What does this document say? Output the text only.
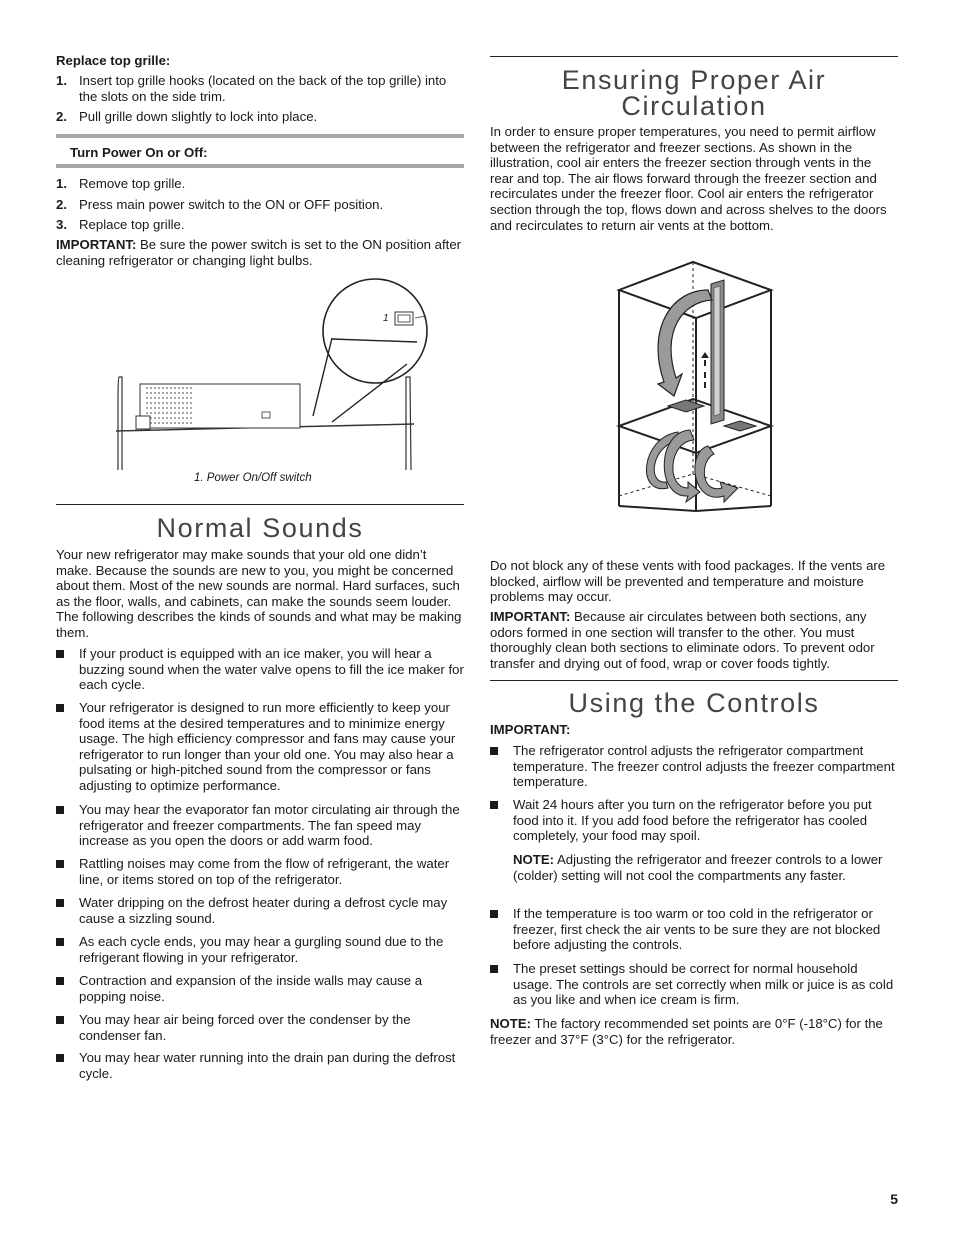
Replace top grille:
1. Insert top grille hooks (located on the back of the top grille) into the slots on the side trim.
2. Pull grille down slightly to lock into place.
Turn Power On or Off:
1. Remove top grille.
2. Press main power switch to the ON or OFF position.
3. Replace top grille.

IMPORTANT: Be sure the power switch is set to the ON position after cleaning refrigerator or changing light bulbs.

1
1. Power On/Off switch
Normal Sounds

Your new refrigerator may make sounds that your old one didn’t make. Because the sounds are new to you, you might be concerned about them. Most of the new sounds are normal. Hard surfaces, such as the floor, walls, and cabinets, can make the sounds seem louder. The following describes the kinds of sounds and what may be making them.

If your product is equipped with an ice maker, you will hear a buzzing sound when the water valve opens to fill the ice maker for each cycle.
Your refrigerator is designed to run more efficiently to keep your food items at the desired temperatures and to minimize energy usage. The high efficiency compressor and fans may cause your refrigerator to run longer than your old one. You may also hear a pulsating or high-pitched sound from the compressor or fans adjusting to optimize performance.
You may hear the evaporator fan motor circulating air through the refrigerator and freezer compartments. The fan speed may increase as you open the doors or add warm food.
Rattling noises may come from the flow of refrigerant, the water line, or items stored on top of the refrigerator.
Water dripping on the defrost heater during a defrost cycle may cause a sizzling sound.
As each cycle ends, you may hear a gurgling sound due to the refrigerant flowing in your refrigerator.
Contraction and expansion of the inside walls may cause a popping noise.
You may hear air being forced over the condenser by the condenser fan.
You may hear water running into the drain pan during the defrost cycle.
Ensuring Proper Air
Circulation

In order to ensure proper temperatures, you need to permit airflow between the refrigerator and freezer sections. As shown in the illustration, cool air enters the freezer section through vents in the rear and top. The air flows forward through the freezer section and recirculates under the freezer floor. Cool air enters the refrigerator section through the top, flows down and across shelves to the doors and recirculates to return air vents at the bottom.

Do not block any of these vents with food packages. If the vents are blocked, airflow will be prevented and temperature and moisture problems may occur.

IMPORTANT: Because air circulates between both sections, any odors formed in one section will transfer to the other. You must thoroughly clean both sections to eliminate odors. To prevent odor transfer and drying out of food, wrap or cover foods tightly.

Using the Controls
IMPORTANT:
The refrigerator control adjusts the refrigerator compartment temperature. The freezer control adjusts the freezer compartment temperature.
Wait 24 hours after you turn on the refrigerator before you put food into it. If you add food before the refrigerator has cooled completely, your food may spoil.

NOTE: Adjusting the refrigerator and freezer controls to a lower (colder) setting will not cool the compartments any faster.

If the temperature is too warm or too cold in the refrigerator or freezer, first check the air vents to be sure they are not blocked before adjusting the controls.
The preset settings should be correct for normal household usage. The controls are set correctly when milk or juice is as cold as you like and when ice cream is firm.

NOTE: The factory recommended set points are 0°F (-18°C) for the freezer and 37°F (3°C) for the refrigerator.

5
